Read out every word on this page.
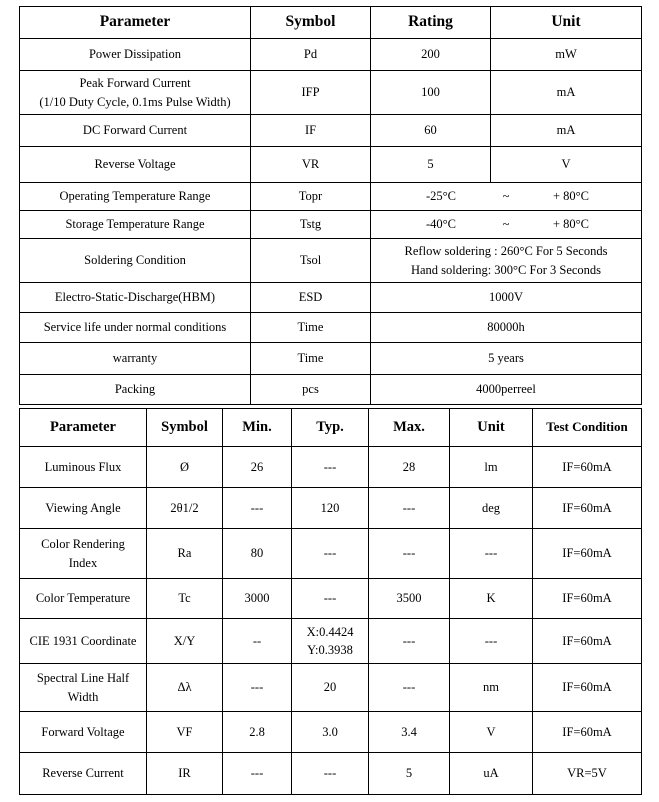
Parameter	Symbol	Rating	Unit
Power Dissipation	Pd	200	mW

Peak Forward Current
(1/10 Duty Cycle, 0.1ms Pulse Width)	IFP	100	mA
DC Forward Current	IF	60	mA
Reverse Voltage	VR	5	V
Operating Temperature Range	Topr	-25°C ~ + 80°C	

Storage Temperature Range	Tstg	-40°C ~ + 80°C	

Soldering Condition	Tsol	Reflow soldering : 260°C For 5 Seconds
Hand soldering: 300°C For 3 Seconds	

Electro-Static-Discharge(HBM)	ESD	1000V	
Service life under normal conditions	Time	80000h	
warranty	Time	5 years	
Packing	pcs	4000perreel	
Parameter	Symbol	Min.	Typ.	Max.	Unit	Test Condition
Luminous Flux	Ø	26	---	28	lm	IF=60mA
Viewing Angle	2θ1/2	---	120	---	deg	IF=60mA

Color Rendering
Index	Ra	80	---	---	---	IF=60mA
Color Temperature	Tc	3000	---	3500	K	IF=60mA
CIE 1931 Coordinate	X/Y	--	X:0.4424
Y:0.3938	---	---	IF=60mA

Spectral Line Half
Width	Δλ	---	20	---	nm	IF=60mA
Forward Voltage	VF	2.8	3.0	3.4	V	IF=60mA
Reverse Current	IR	---	---	5	uA	VR=5V
